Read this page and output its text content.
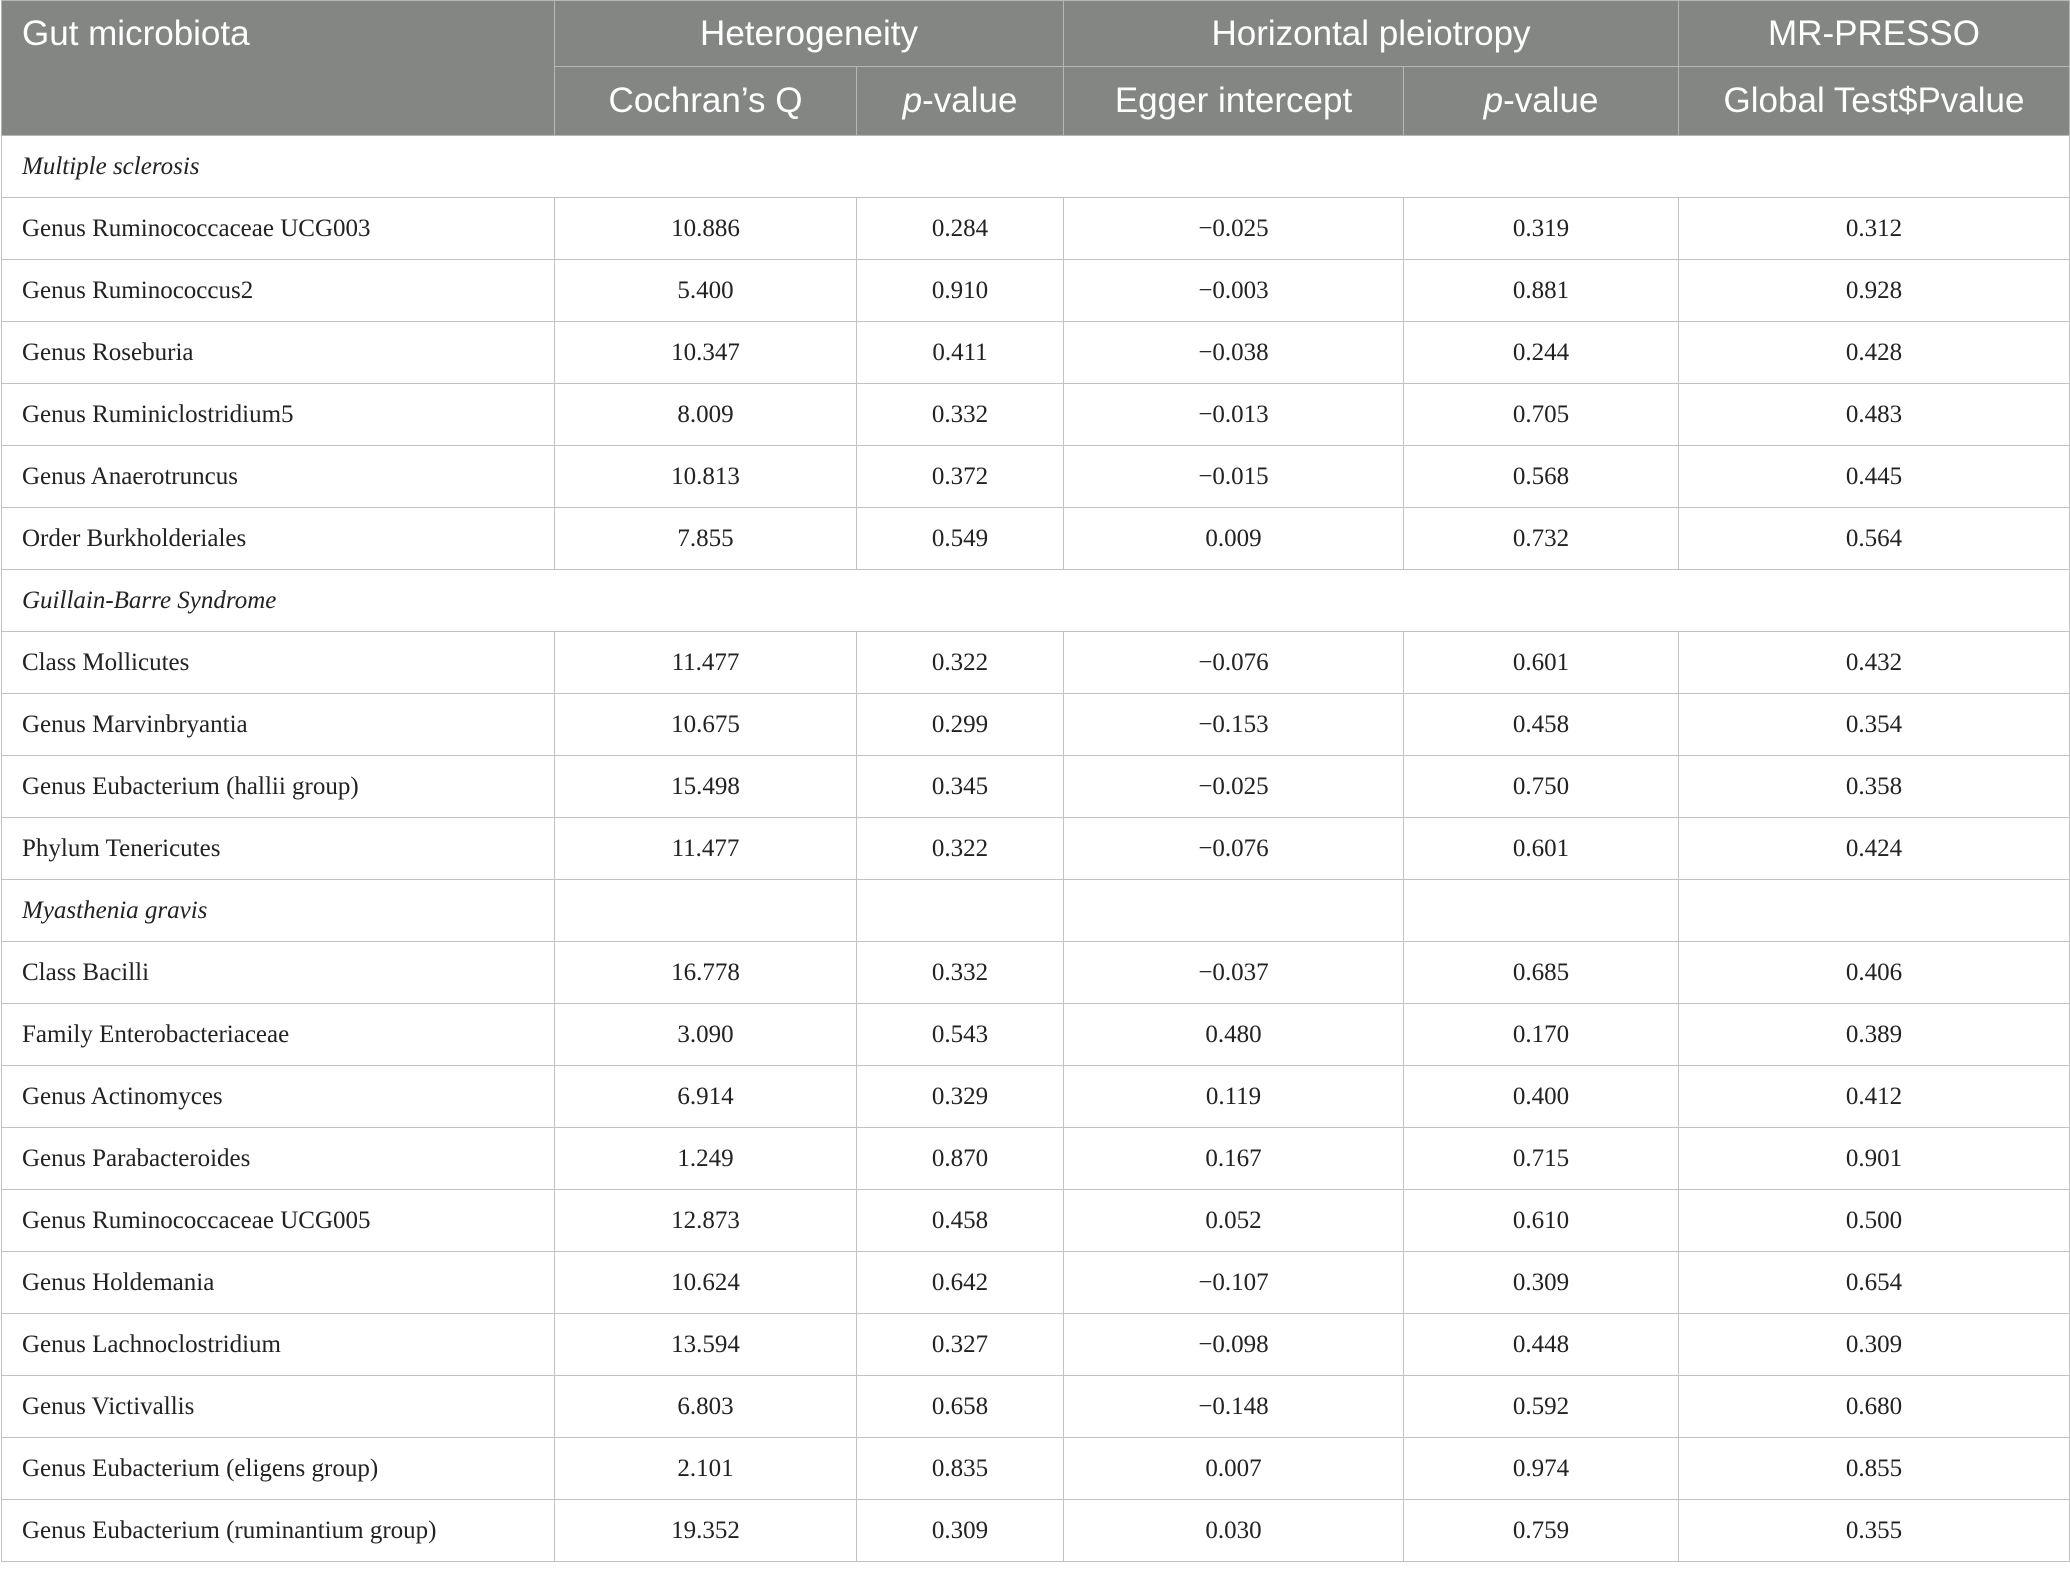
Gut microbiota	Heterogeneity		Horizontal pleiotropy		MR-PRESSO
	Cochran’s Q	p-value	Egger intercept	p-value	Global Test$Pvalue
Multiple sclerosis					
Genus Ruminococcaceae UCG003	10.886	0.284	−0.025	0.319	0.312
Genus Ruminococcus2	5.400	0.910	−0.003	0.881	0.928
Genus Roseburia	10.347	0.411	−0.038	0.244	0.428
Genus Ruminiclostridium5	8.009	0.332	−0.013	0.705	0.483
Genus Anaerotruncus	10.813	0.372	−0.015	0.568	0.445
Order Burkholderiales	7.855	0.549	0.009	0.732	0.564
Guillain-Barre Syndrome					
Class Mollicutes	11.477	0.322	−0.076	0.601	0.432
Genus Marvinbryantia	10.675	0.299	−0.153	0.458	0.354
Genus Eubacterium (hallii group)	15.498	0.345	−0.025	0.750	0.358
Phylum Tenericutes	11.477	0.322	−0.076	0.601	0.424
Myasthenia gravis					
Class Bacilli	16.778	0.332	−0.037	0.685	0.406
Family Enterobacteriaceae	3.090	0.543	0.480	0.170	0.389
Genus Actinomyces	6.914	0.329	0.119	0.400	0.412
Genus Parabacteroides	1.249	0.870	0.167	0.715	0.901
Genus Ruminococcaceae UCG005	12.873	0.458	0.052	0.610	0.500
Genus Holdemania	10.624	0.642	−0.107	0.309	0.654
Genus Lachnoclostridium	13.594	0.327	−0.098	0.448	0.309
Genus Victivallis	6.803	0.658	−0.148	0.592	0.680
Genus Eubacterium (eligens group)	2.101	0.835	0.007	0.974	0.855
Genus Eubacterium (ruminantium group)	19.352	0.309	0.030	0.759	0.355
